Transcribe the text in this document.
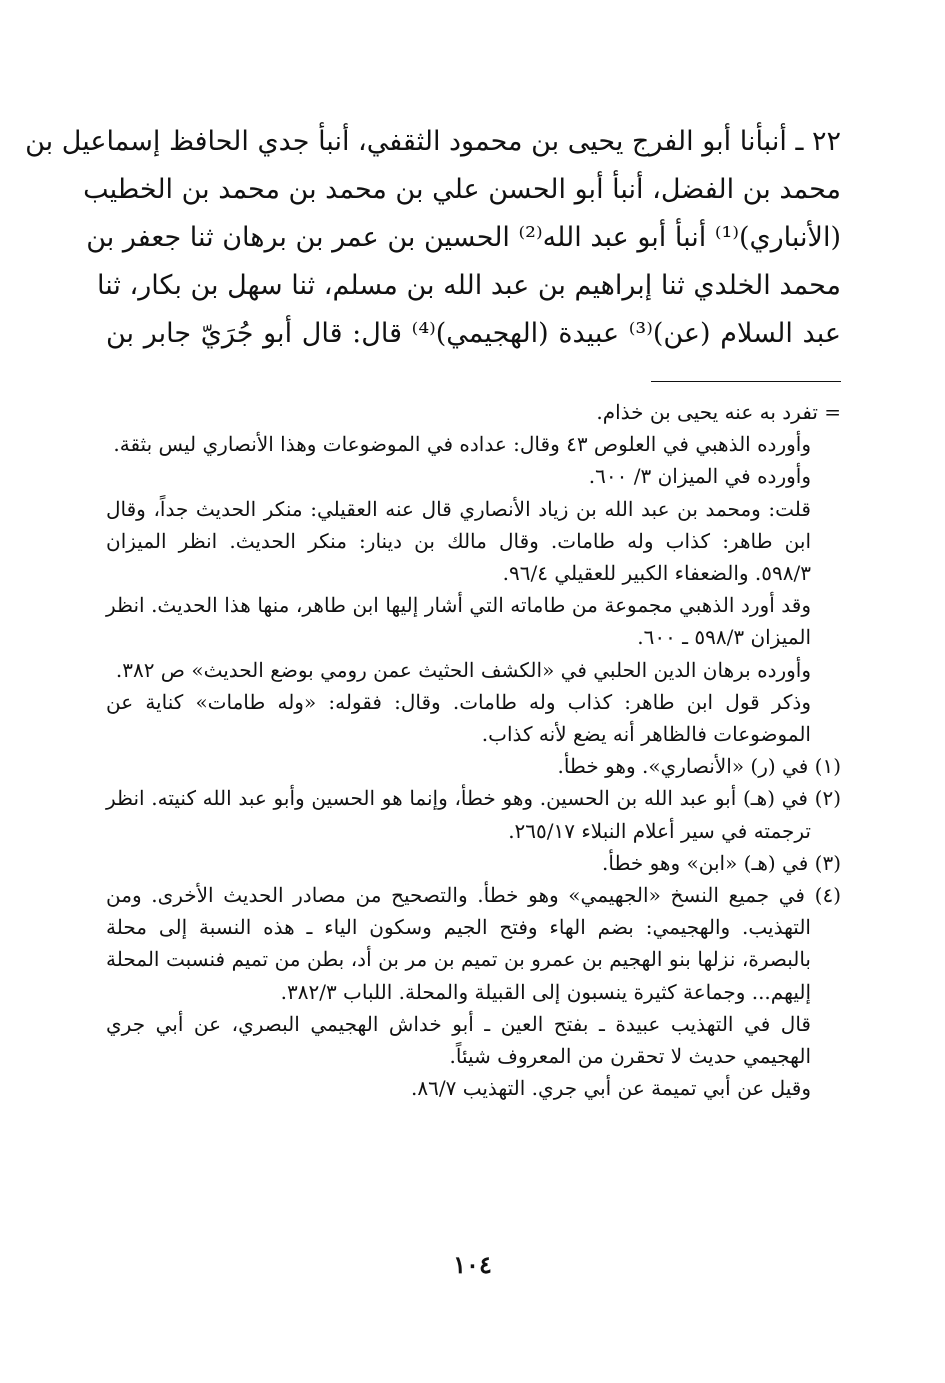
٢٢ ـ أنبأنا أبو الفرج يحيى بن محمود الثقفي، أنبأ جدي الحافظ إسماعيل بن
محمد بن الفضل، أنبأ أبو الحسن علي بن محمد بن محمد بن الخطيب
(الأنباري)⁽¹⁾ أنبأ أبو عبد الله⁽²⁾ الحسين بن عمر بن برهان ثنا جعفر بن
محمد الخلدي ثنا إبراهيم بن عبد الله بن مسلم، ثنا سهل بن بكار، ثنا
عبد السلام (عن)⁽³⁾ عبيدة (الهجيمي)⁽⁴⁾ قال: قال أبو جُرَيّ جابر بن
= تفرد به عنه يحيى بن خذام.
وأورده الذهبي في العلوص ٤٣ وقال: عداده في الموضوعات وهذا الأنصاري ليس بثقة.
وأورده في الميزان ٣/ ٦٠٠.
قلت: ومحمد بن عبد الله بن زياد الأنصاري قال عنه العقيلي: منكر الحديث جداً، وقال
ابن طاهر: كذاب وله طامات. وقال مالك بن دينار: منكر الحديث. انظر الميزان
٥٩٨/٣. والضعفاء الكبير للعقيلي ٩٦/٤.
وقد أورد الذهبي مجموعة من طاماته التي أشار إليها ابن طاهر، منها هذا الحديث. انظر
الميزان ٥٩٨/٣ ـ ٦٠٠.
وأورده برهان الدين الحلبي في «الكشف الحثيث عمن رومي بوضع الحديث» ص ٣٨٢.
وذكر قول ابن طاهر: كذاب وله طامات. وقال: فقوله: «وله طامات» كناية عن
الموضوعات فالظاهر أنه يضع لأنه كذاب.
(١) في (ر) «الأنصاري». وهو خطأ.
(٢) في (هـ) أبو عبد الله بن الحسين. وهو خطأ، وإنما هو الحسين وأبو عبد الله كنيته. انظر
ترجمته في سير أعلام النبلاء ٢٦٥/١٧.
(٣) في (هـ) «ابن» وهو خطأ.
(٤) في جميع النسخ «الجهيمي» وهو خطأ. والتصحيح من مصادر الحديث الأخرى. ومن
التهذيب. والهجيمي: بضم الهاء وفتح الجيم وسكون الياء ـ هذه النسبة إلى محلة
بالبصرة، نزلها بنو الهجيم بن عمرو بن تميم بن مر بن أد، بطن من تميم فنسبت المحلة
إليهم... وجماعة كثيرة ينسبون إلى القبيلة والمحلة. اللباب ٣٨٢/٣.
قال في التهذيب عبيدة ـ بفتح العين ـ أبو خداش الهجيمي البصري، عن أبي جري
الهجيمي حديث لا تحقرن من المعروف شيئاً.
وقيل عن أبي تميمة عن أبي جري. التهذيب ٨٦/٧.
١٠٤
